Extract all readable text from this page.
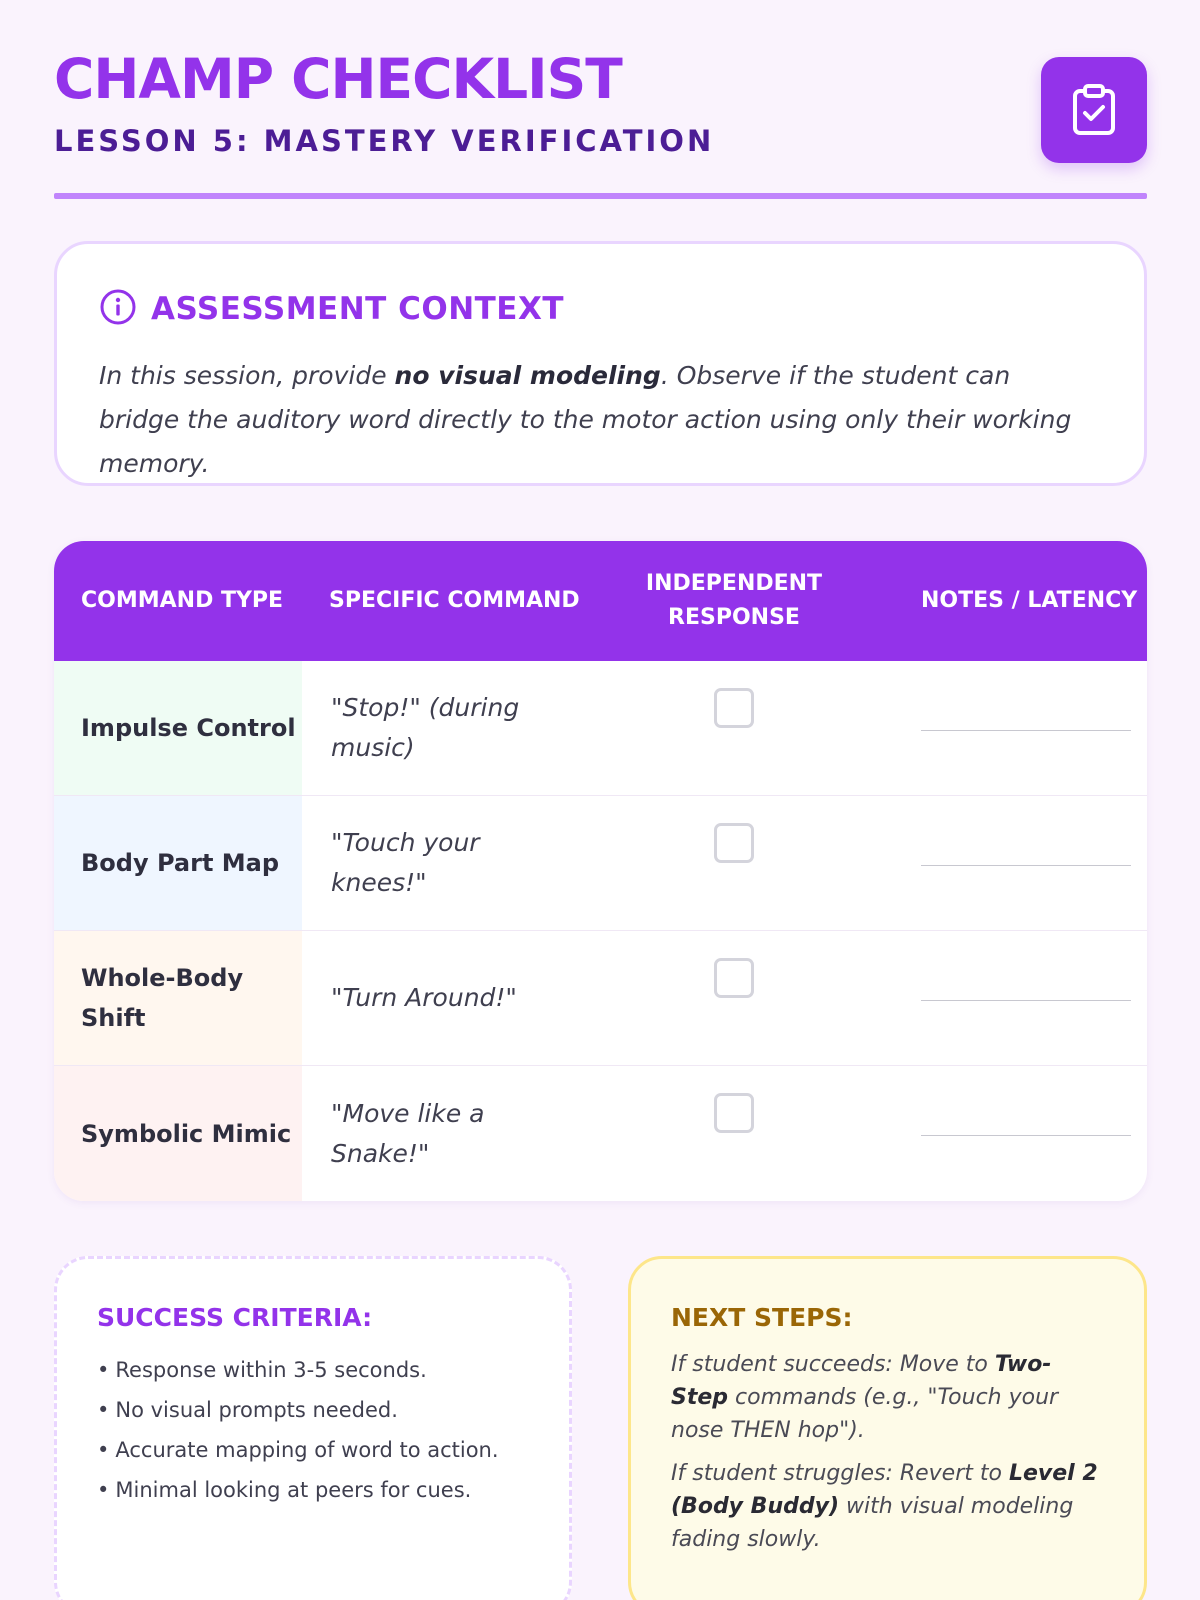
CHAMP CHECKLIST
LESSON 5: MASTERY VERIFICATION
ASSESSMENT CONTEXT
In this session, provide no visual modeling. Observe if the student can bridge the auditory word directly to the motor action using only their working memory.
COMMAND TYPE	SPECIFIC COMMAND
INDEPENDENT RESPONSE
NOTES / LATENCY
Impulse Control
"Stop!" (during music)
Body Part Map
"Touch your knees!"
Whole-Body Shift
"Turn Around!"
Symbolic Mimic
"Move like a Snake!"
SUCCESS CRITERIA:
• Response within 3-5 seconds.
• No visual prompts needed.
• Accurate mapping of word to action.
• Minimal looking at peers for cues.
NEXT STEPS:

If student succeeds: Move to Two-Step commands (e.g., "Touch your nose THEN hop").

If student struggles: Revert to Level 2 (Body Buddy) with visual modeling fading slowly.
